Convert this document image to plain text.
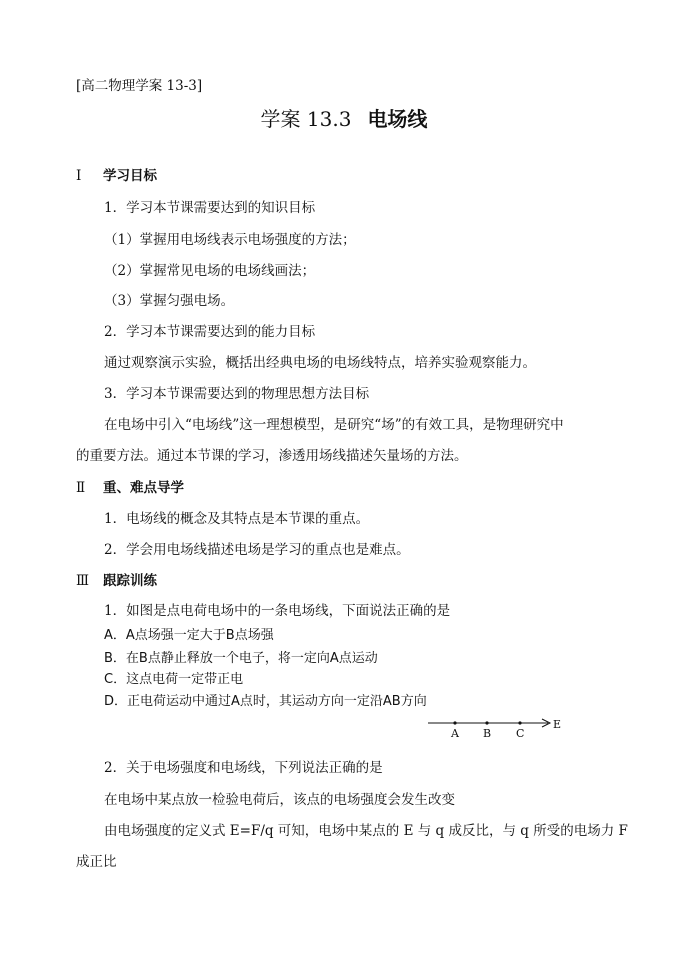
[高二物理学案 13-3]
学案 13.3 电场线
Ⅰ 学习目标
1．学习本节课需要达到的知识目标
（1）掌握用电场线表示电场强度的方法；
（2）掌握常见电场的电场线画法；
（3）掌握匀强电场。
2．学习本节课需要达到的能力目标
通过观察演示实验，概括出经典电场的电场线特点，培养实验观察能力。
3．学习本节课需要达到的物理思想方法目标
在电场中引入“电场线”这一理想模型，是研究“场”的有效工具，是物理研究中
的重要方法。通过本节课的学习，渗透用场线描述矢量场的方法。
Ⅱ 重、难点导学
1．电场线的概念及其特点是本节课的重点。
2．学会用电场线描述电场是学习的重点也是难点。
Ⅲ 跟踪训练
1．如图是点电荷电场中的一条电场线，下面说法正确的是
A．A点场强一定大于B点场强
B．在B点静止释放一个电子，将一定向A点运动
C．这点电荷一定带正电
D．正电荷运动中通过A点时，其运动方向一定沿AB方向
A B C
E
2．关于电场强度和电场线，下列说法正确的是
在电场中某点放一检验电荷后，该点的电场强度会发生改变
由电场强度的定义式 E=F/q 可知，电场中某点的 E 与 q 成反比，与 q 所受的电场力 F
成正比
